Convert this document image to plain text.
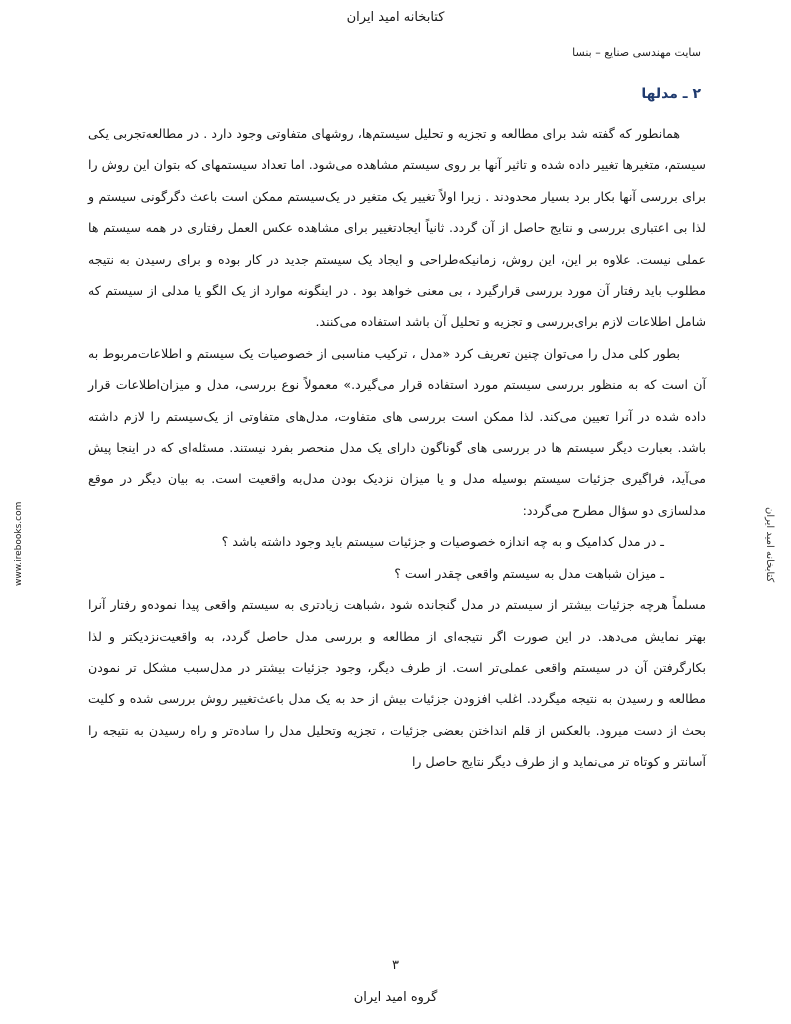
کتابخانه امید ایران
سایت مهندسی صنایع – بنسا
۲ ـ مدلها

همانطور که گفته شد برای مطالعه و تجزیه و تحلیل سیستم‌ها، روشهای متفاوتی وجود دارد . در مطالعه‌تجربی یکی سیستم، متغیرها تغییر داده شده و تاثیر آنها بر روی سیستم مشاهده می‌شود. اما تعداد سیستمهای که بتوان این روش را برای بررسی آنها بکار برد بسیار محدودند . زیرا اولاً تغییر یک متغیر در یک‌سیستم ممکن است باعث دگرگونی سیستم و لذا بی اعتباری بررسی و نتایج حاصل از آن گردد. ثانیاً ایجادتغییر برای مشاهده عکس العمل رفتاری در همه سیستم ها عملی نیست. علاوه بر این، این روش، زمانیکه‌طراحی و ایجاد یک سیستم جدید در کار بوده و برای رسیدن به نتیجه مطلوب باید رفتار آن مورد بررسی قرارگیرد ، بی معنی خواهد بود . در اینگونه موارد از یک الگو یا مدلی از سیستم که شامل اطلاعات لازم برای‌بررسی و تجزیه و تحلیل آن باشد استفاده می‌کنند.

بطور کلی مدل را می‌توان چنین تعریف کرد «مدل ، ترکیب مناسبی از خصوصیات یک سیستم و اطلاعات‌مربوط به آن است که به منظور بررسی سیستم مورد استفاده قرار می‌گیرد.» معمولاً نوع بررسی، مدل و میزان‌اطلاعات قرار داده شده در آنرا تعیین می‌کند. لذا ممکن است بررسی های متفاوت، مدل‌های متفاوتی از یک‌سیستم را لازم داشته باشد. بعبارت دیگر سیستم ها در بررسی های گوناگون دارای یک مدل منحصر بفرد نیستند. مسئله‌ای که در اینجا پیش می‌آید، فراگیری جزئیات سیستم بوسیله مدل و یا میزان نزدیک بودن مدل‌به واقعیت است. به بیان دیگر در موقع مدلسازی دو سؤال مطرح می‌گردد:

ـ در مدل کدامیک و به چه اندازه خصوصیات و جزئیات سیستم باید وجود داشته باشد ؟

ـ میزان شباهت مدل به سیستم واقعی چقدر است ؟

مسلماً هرچه جزئیات بیشتر از سیستم در مدل گنجانده شود ،شباهت زیادتری به سیستم واقعی پیدا نموده‌و رفتار آنرا بهتر نمایش می‌دهد. در این صورت اگر نتیجه‌ای از مطالعه و بررسی مدل حاصل گردد، به واقعیت‌نزدیکتر و لذا بکارگرفتن آن در سیستم واقعی عملی‌تر است. از طرف دیگر، وجود جزئیات بیشتر در مدل‌سبب مشکل تر نمودن مطالعه و رسیدن به نتیجه میگردد. اغلب افزودن جزئیات بیش از حد به یک مدل باعث‌تغییر روش بررسی شده و کلیت بحث از دست میرود. بالعکس از قلم انداختن بعضی جزئیات ، تجزیه وتحلیل مدل را ساده‌تر و راه رسیدن به نتیجه را آسانتر و کوتاه تر می‌نماید و از طرف دیگر نتایج حاصل را

www.irebooks.com	کتابخانه امید ایران
۳
گروه امید ایران
